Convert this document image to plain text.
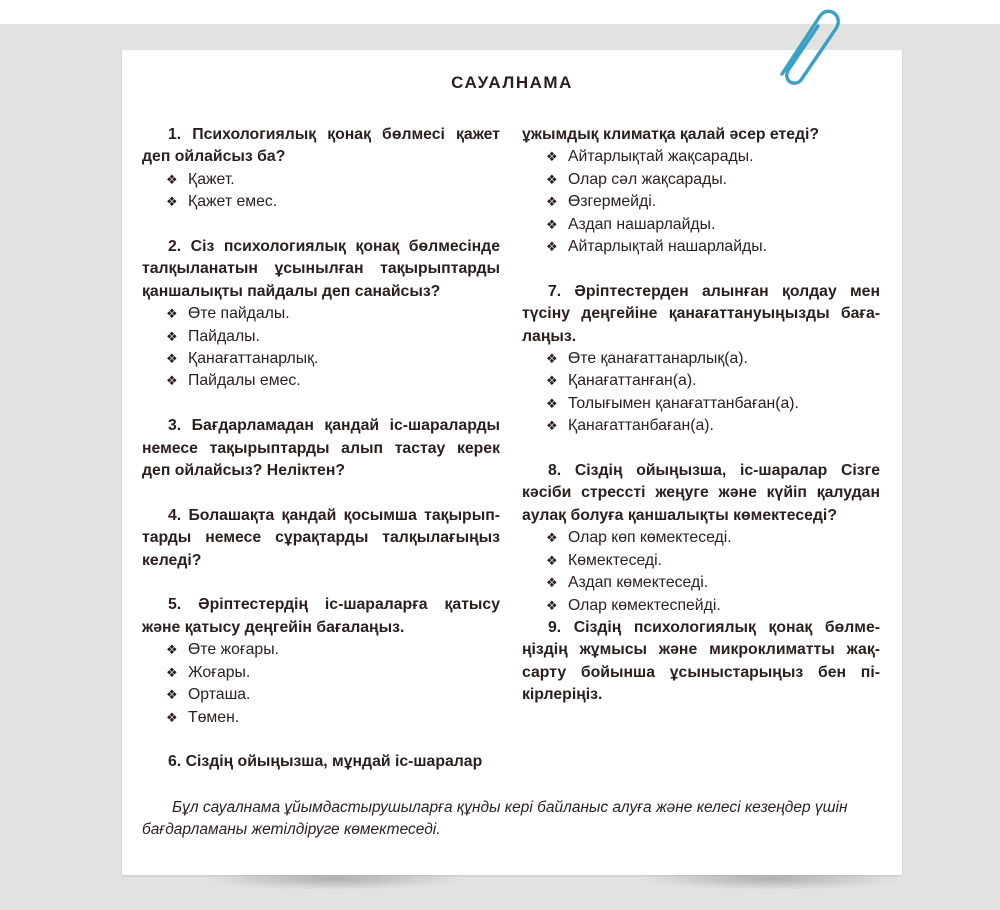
САУАЛНАМА

1. Психологиялық қонақ бөлмесі қажет деп ойлайсыз ба?

❖ Қажет.
❖ Қажет емес.

2. Сіз психологиялық қонақ бөлмесінде талқыланатын ұсынылған тақырыптарды қаншалықты пайдалы деп санайсыз?

❖ Өте пайдалы.
❖ Пайдалы.
❖ Қанағаттанарлық.
❖ Пайдалы емес.

3. Бағдарламадан қандай іс-шараларды немесе тақырыптарды алып тастау керек деп ойлайсыз? Неліктен?

4. Болашақта қандай қосымша тақырып-тарды немесе сұрақтарды талқылағыңыз келеді?

5. Әріптестердің іс-шараларға қатысу және қатысу деңгейін бағалаңыз.

❖ Өте жоғары.
❖ Жоғары.
❖ Орташа.
❖ Төмен.

6. Сіздің ойыңызша, мұндай іс-шаралар

ұжымдық климатқа қалай әсер етеді?

❖ Айтарлықтай жақсарады.
❖ Олар сәл жақсарады.
❖ Өзгермейді.
❖ Аздап нашарлайды.
❖ Айтарлықтай нашарлайды.

7. Әріптестерден алынған қолдау мен түсіну деңгейіне қанағаттануыңызды баға-лаңыз.

❖ Өте қанағаттанарлық(а).
❖ Қанағаттанған(а).
❖ Толығымен қанағаттанбаған(а).
❖ Қанағаттанбаған(а).

8. Сіздің ойыңызша, іс-шаралар Сізге кәсіби стрессті жеңуге және күйіп қалудан аулақ болуға қаншалықты көмектеседі?

❖ Олар көп көмектеседі.
❖ Көмектеседі.
❖ Аздап көмектеседі.
❖ Олар көмектеспейді.

9. Сіздің психологиялық қонақ бөлме-ңіздің жұмысы және микроклиматты жақ-сарту бойынша ұсыныстарыңыз бен пі-кірлеріңіз.

Бұл сауалнама ұйымдастырушыларға құнды кері байланыс алуға және келесі кезеңдер үшін бағдарламаны жетілдіруге көмектеседі.
